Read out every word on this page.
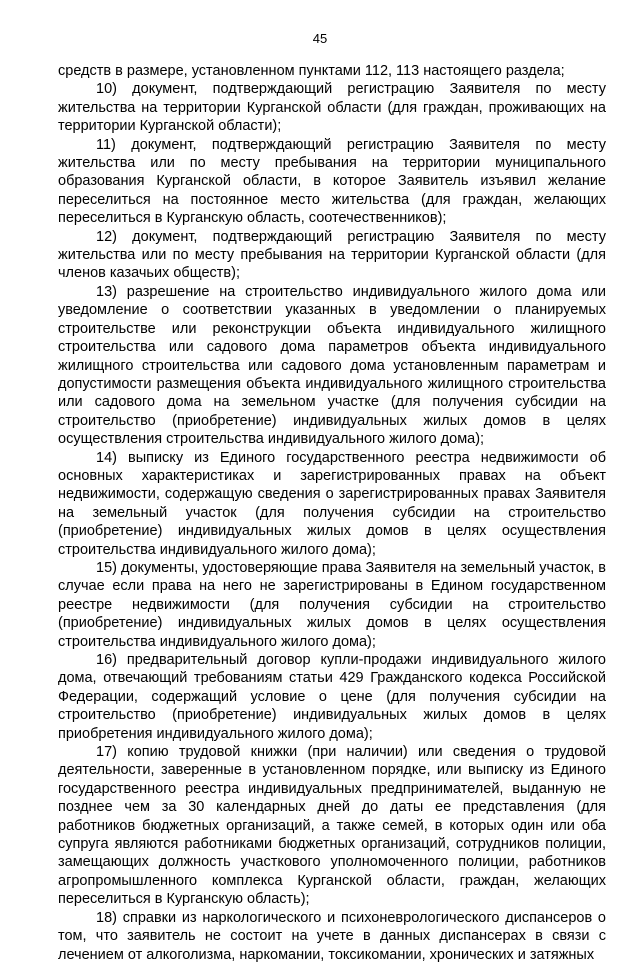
45

средств в размере, установленном пунктами 112, 113 настоящего раздела;

10) документ, подтверждающий регистрацию Заявителя по месту жительства на территории Курганской области (для граждан, проживающих на территории Курганской области);

11) документ, подтверждающий регистрацию Заявителя по месту жительства или по месту пребывания на территории муниципального образования Курганской области, в которое Заявитель изъявил желание переселиться на постоянное место жительства (для граждан, желающих переселиться в Курганскую область, соотечественников);

12) документ, подтверждающий регистрацию Заявителя по месту жительства или по месту пребывания на территории Курганской области (для членов казачьих обществ);

13) разрешение на строительство индивидуального жилого дома или уведомление о соответствии указанных в уведомлении о планируемых строительстве или реконструкции объекта индивидуального жилищного строительства или садового дома параметров объекта индивидуального жилищного строительства или садового дома установленным параметрам и допустимости размещения объекта индивидуального жилищного строительства или садового дома на земельном участке (для получения субсидии на строительство (приобретение) индивидуальных жилых домов в целях осуществления строительства индивидуального жилого дома);

14) выписку из Единого государственного реестра недвижимости об основных характеристиках и зарегистрированных правах на объект недвижимости, содержащую сведения о зарегистрированных правах Заявителя на земельный участок (для получения субсидии на строительство (приобретение) индивидуальных жилых домов в целях осуществления строительства индивидуального жилого дома);

15) документы, удостоверяющие права Заявителя на земельный участок, в случае если права на него не зарегистрированы в Едином государственном реестре недвижимости (для получения субсидии на строительство (приобретение) индивидуальных жилых домов в целях осуществления строительства индивидуального жилого дома);

16) предварительный договор купли-продажи индивидуального жилого дома, отвечающий требованиям статьи 429 Гражданского кодекса Российской Федерации, содержащий условие о цене (для получения субсидии на строительство (приобретение) индивидуальных жилых домов в целях приобретения индивидуального жилого дома);

17) копию трудовой книжки (при наличии) или сведения о трудовой деятельности, заверенные в установленном порядке, или выписку из Единого государственного реестра индивидуальных предпринимателей, выданную не позднее чем за 30 календарных дней до даты ее представления (для работников бюджетных организаций, а также семей, в которых один или оба супруга являются работниками бюджетных организаций, сотрудников полиции, замещающих должность участкового уполномоченного полиции, работников агропромышленного комплекса Курганской области, граждан, желающих переселиться в Курганскую область);

18) справки из наркологического и психоневрологического диспансеров о том, что заявитель не состоит на учете в данных диспансерах в связи с лечением от алкоголизма, наркомании, токсикомании, хронических и затяжных
